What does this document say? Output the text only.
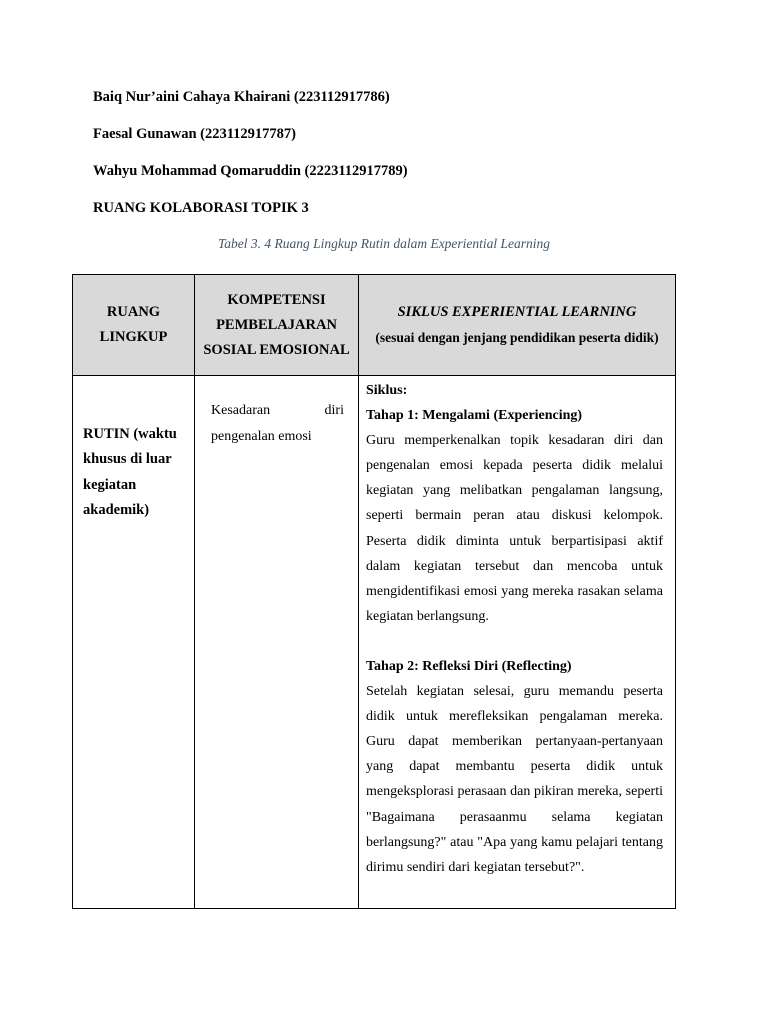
Baiq Nur’aini Cahaya Khairani (223112917786)
Faesal Gunawan (223112917787)
Wahyu Mohammad Qomaruddin (2223112917789)
RUANG KOLABORASI TOPIK 3
Tabel 3. 4 Ruang Lingkup Rutin dalam Experiential Learning
RUANG LINGKUP	KOMPETENSI PEMBELAJARAN SOSIAL EMOSIONAL	SIKLUS EXPERIENTIAL LEARNING
(sesuai dengan jenjang pendidikan peserta didik)

RUTIN (waktu khusus di luar kegiatan akademik)	Kesadaran diri pengenalan emosi	Siklus:
Tahap 1: Mengalami (Experiencing)
Guru memperkenalkan topik kesadaran diri dan pengenalan emosi kepada peserta didik melalui kegiatan yang melibatkan pengalaman langsung, seperti bermain peran atau diskusi kelompok. Peserta didik diminta untuk berpartisipasi aktif dalam kegiatan tersebut dan mencoba untuk mengidentifikasi emosi yang mereka rasakan selama kegiatan berlangsung.
Tahap 2: Refleksi Diri (Reflecting)
Setelah kegiatan selesai, guru memandu peserta didik untuk merefleksikan pengalaman mereka. Guru dapat memberikan pertanyaan-pertanyaan yang dapat membantu peserta didik untuk mengeksplorasi perasaan dan pikiran mereka, seperti "Bagaimana perasaanmu selama kegiatan berlangsung?" atau "Apa yang kamu pelajari tentang dirimu sendiri dari kegiatan tersebut?".
